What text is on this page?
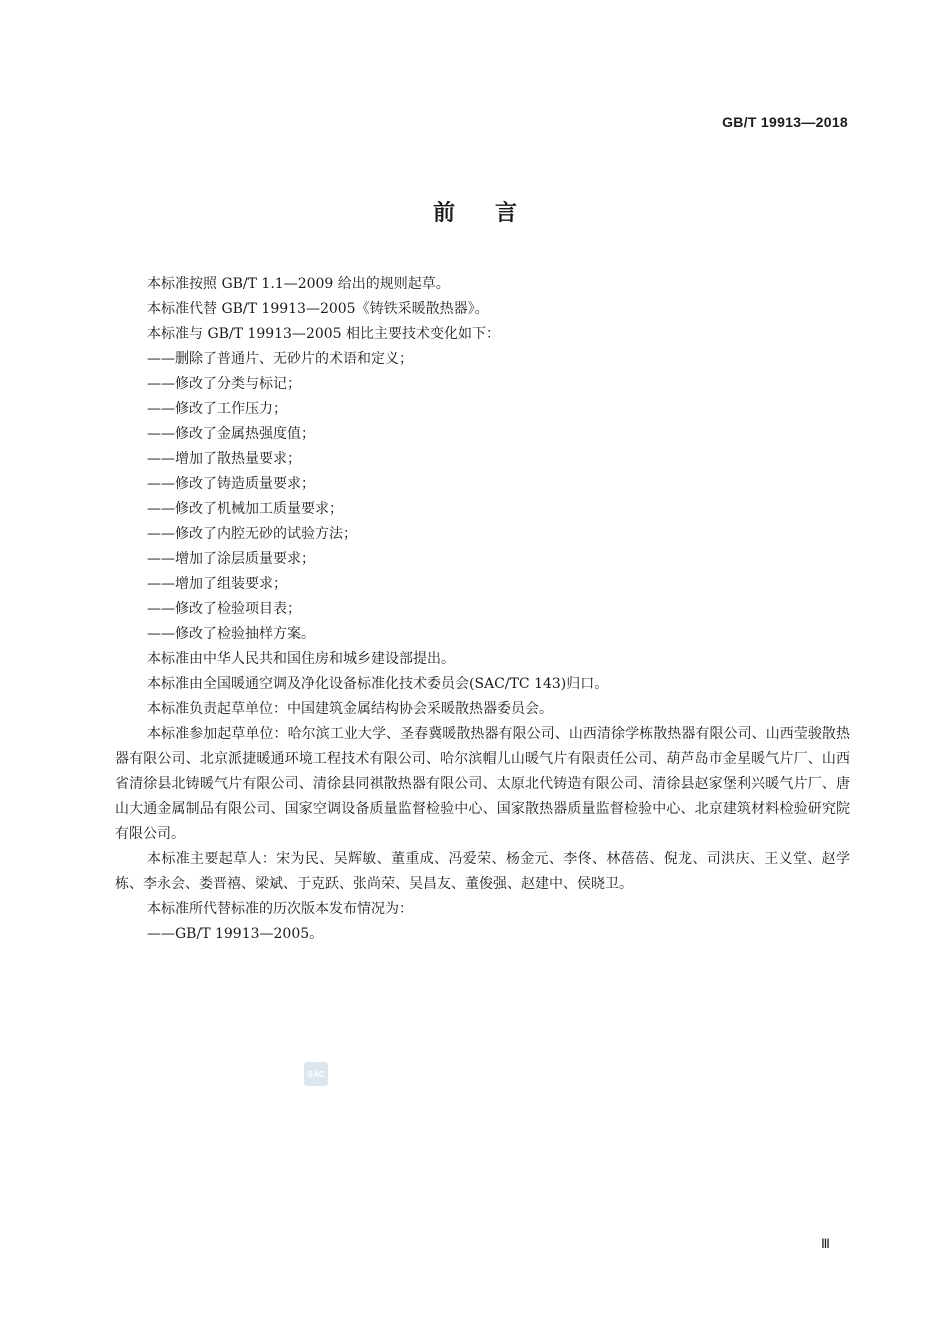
GB/T 19913—2018
前言

本标准按照 GB/T 1.1—2009 给出的规则起草。

本标准代替 GB/T 19913—2005《铸铁采暖散热器》。

本标准与 GB/T 19913—2005 相比主要技术变化如下：

——删除了普通片、无砂片的术语和定义；

——修改了分类与标记；

——修改了工作压力；

——修改了金属热强度值；

——增加了散热量要求；

——修改了铸造质量要求；

——修改了机械加工质量要求；

——修改了内腔无砂的试验方法；

——增加了涂层质量要求；

——增加了组装要求；

——修改了检验项目表；

——修改了检验抽样方案。

本标准由中华人民共和国住房和城乡建设部提出。

本标准由全国暖通空调及净化设备标准化技术委员会(SAC/TC 143)归口。

本标准负责起草单位：中国建筑金属结构协会采暖散热器委员会。

本标准参加起草单位：哈尔滨工业大学、圣春冀暖散热器有限公司、山西清徐学栋散热器有限公司、山西莹骏散热器有限公司、北京派捷暖通环境工程技术有限公司、哈尔滨帽儿山暖气片有限责任公司、葫芦岛市金星暖气片厂、山西省清徐县北铸暖气片有限公司、清徐县同祺散热器有限公司、太原北代铸造有限公司、清徐县赵家堡利兴暖气片厂、唐山大通金属制品有限公司、国家空调设备质量监督检验中心、国家散热器质量监督检验中心、北京建筑材料检验研究院有限公司。

本标准主要起草人：宋为民、吴辉敏、董重成、冯爱荣、杨金元、李佟、林蓓蓓、倪龙、司洪庆、王义堂、赵学栋、李永会、娄晋禧、梁斌、于克跃、张尚荣、吴昌友、董俊强、赵建中、侯晓卫。

本标准所代替标准的历次版本发布情况为：

——GB/T 19913—2005。

SAC
Ⅲ
